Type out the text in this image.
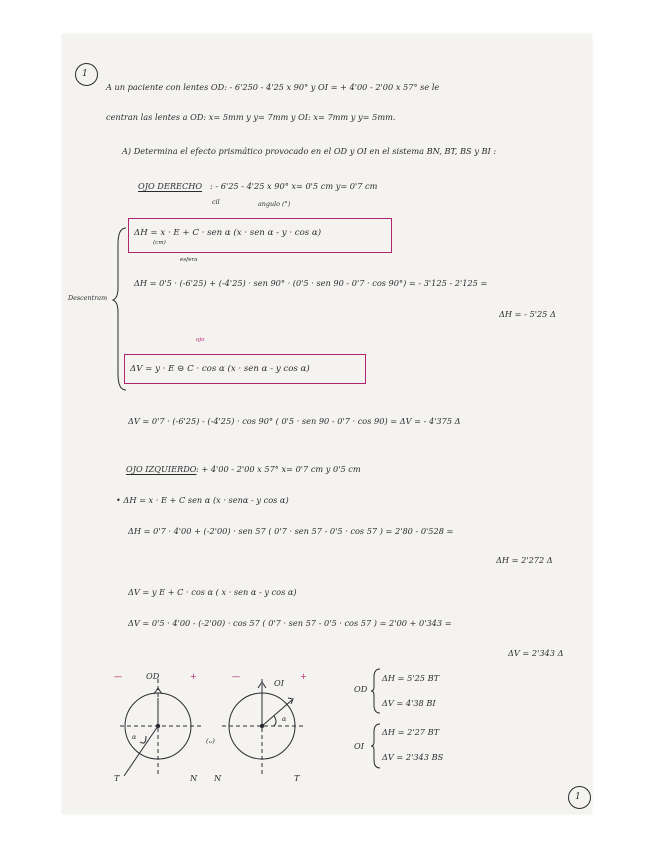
1
A un paciente con lentes OD: - 6'250 - 4'25 x 90° y OI = + 4'00 - 2'00 x 57° se le
centran las lentes a OD: x= 5mm y y= 7mm y OI: x= 7mm y y= 5mm.
A) Determina el efecto prismático provocado en el OD y OI en el sistema BN, BT, BS y BI :
OJO DERECHO : - 6'25 - 4'25 x 90° x= 0'5 cm y= 0'7 cm
cil	angulo (°)
ΔH = x · E + C · sen α (x · sen α - y · cos α)
(cm)
esfera
Descentram
ΔH = 0'5 · (-6'25) + (-4'25) · sen 90° · (0'5 · sen 90 - 0'7 · cos 90°) = - 3'125 - 2'125 =
ΔH = - 5'25 Δ
ojo
ΔV = y · E ⊝ C · cos α (x · sen α - y cos α)
ΔV = 0'7 · (-6'25) - (-4'25) · cos 90° ( 0'5 · sen 90 - 0'7 · cos 90) = ΔV = - 4'375 Δ
OJO IZQUIERDO : + 4'00 - 2'00 x 57° x= 0'7 cm y 0'5 cm
• ΔH = x · E + C sen α (x · senα - y cos α)
ΔH = 0'7 · 4'00 + (-2'00) · sen 57 ( 0'7 · sen 57 - 0'5 · cos 57 ) = 2'80 - 0'528 =
ΔH = 2'272 Δ
ΔV = y E + C · cos α ( x · sen α - y cos α)
ΔV = 0'5 · 4'00 - (-2'00) · cos 57 ( 0'7 · sen 57 - 0'5 · cos 57 ) = 2'00 + 0'343 =
ΔV = 2'343 Δ
—	OD	+	—
OI
+
α
α
(ᴗ)
T	N N	T
OD
ΔH = 5'25 BT
ΔV = 4'38 BI
OI
ΔH = 2'27 BT
ΔV = 2'343 BS
1
